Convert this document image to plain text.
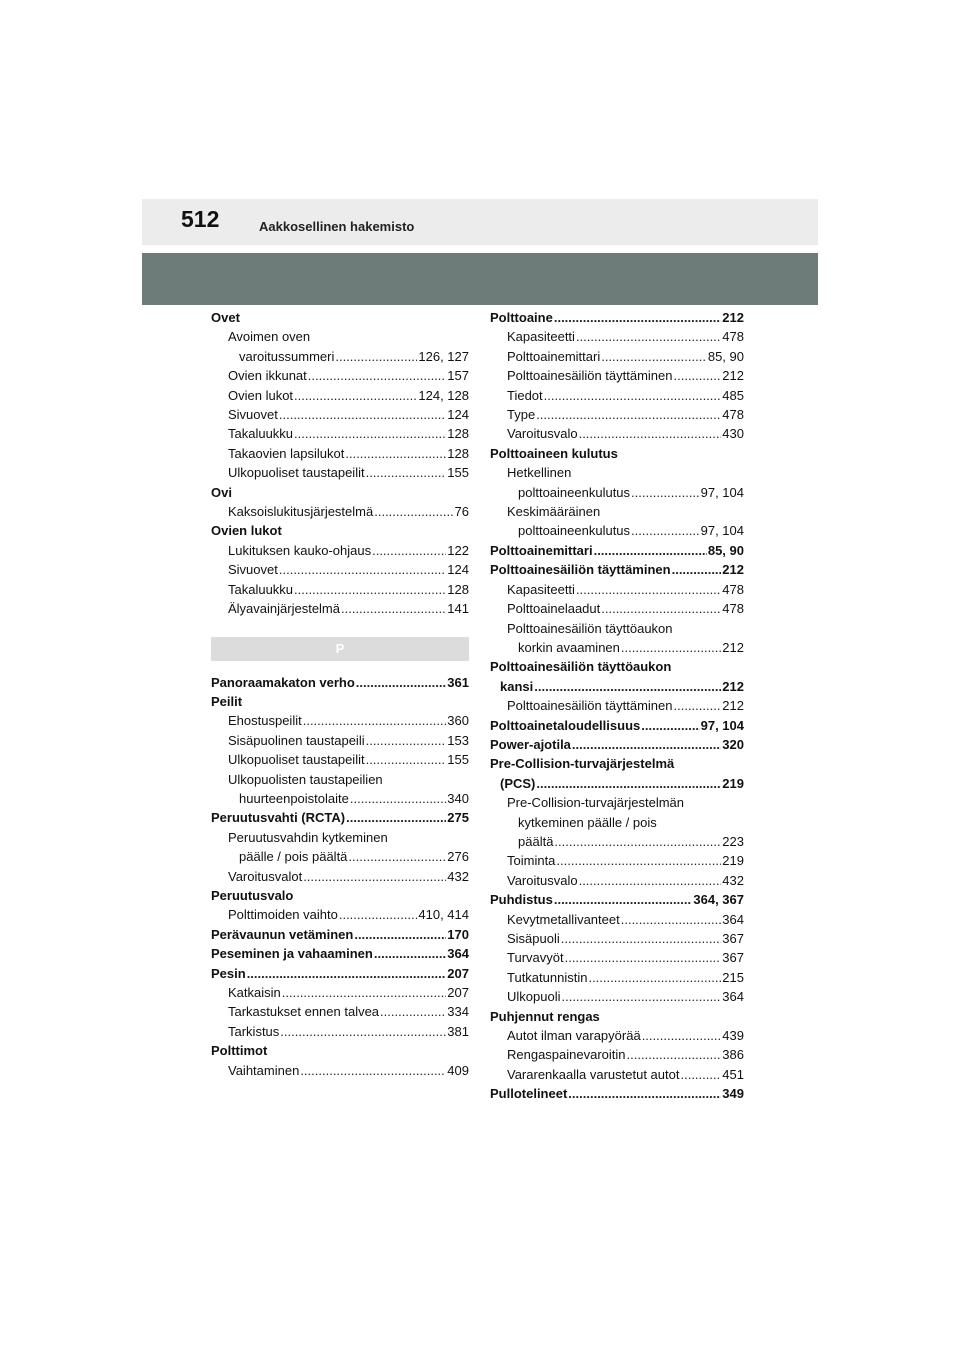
512	Aakkosellinen hakemisto
Ovet
Avoimen oven
varoitussummeri .....	126, 127
Ovien ikkunat .....	157
Ovien lukot .....	124, 128
Sivuovet .....	124
Takaluukku .....	128
Takaovien lapsilukot .....	128
Ulkopuoliset taustapeilit .....	155
Ovi
Kaksoislukitusjärjestelmä .....	76
Ovien lukot
Lukituksen kauko-ohjaus .....	122
Sivuovet .....	124
Takaluukku .....	128
Älyavainjärjestelmä .....	141
P
Panoraamakaton verho .....	361
Peilit
Ehostuspeilit .....	360
Sisäpuolinen taustapeili .....	153
Ulkopuoliset taustapeilit .....	155
Ulkopuolisten taustapeilien
huurteenpoistolaite .....	340
Peruutusvahti (RCTA) .....	275
Peruutusvahdin kytkeminen
päälle / pois päältä .....	276
Varoitusvalot .....	432
Peruutusvalo
Polttimoiden vaihto .....	410, 414
Perävaunun vetäminen .....	170
Peseminen ja vahaaminen .....	364
Pesin .....	207
Katkaisin .....	207
Tarkastukset ennen talvea .....	334
Tarkistus .....	381
Polttimot
Vaihtaminen .....	409
Polttoaine .....	212
Kapasiteetti .....	478
Polttoainemittari .....	85, 90
Polttoainesäiliön täyttäminen .....	212
Tiedot .....	485
Type .....	478
Varoitusvalo .....	430
Polttoaineen kulutus
Hetkellinen
polttoaineenkulutus .....	97, 104
Keskimääräinen
polttoaineenkulutus .....	97, 104
Polttoainemittari .....	85, 90
Polttoainesäiliön täyttäminen .....	212
Kapasiteetti .....	478
Polttoainelaadut .....	478
Polttoainesäiliön täyttöaukon
korkin avaaminen .....	212
Polttoainesäiliön täyttöaukon
kansi .....	212
Polttoainesäiliön täyttäminen .....	212
Polttoainetaloudellisuus .....	97, 104
Power-ajotila .....	320
Pre-Collision-turvajärjestelmä
(PCS) .....	219
Pre-Collision-turvajärjestelmän
kytkeminen päälle / pois
päältä .....	223
Toiminta .....	219
Varoitusvalo .....	432
Puhdistus .....	364, 367
Kevytmetallivanteet .....	364
Sisäpuoli .....	367
Turvavyöt .....	367
Tutkatunnistin .....	215
Ulkopuoli .....	364
Puhjennut rengas
Autot ilman varapyörää .....	439
Rengaspainevaroitin .....	386
Vararenkaalla varustetut autot .....	451
Pullotelineet .....	349
